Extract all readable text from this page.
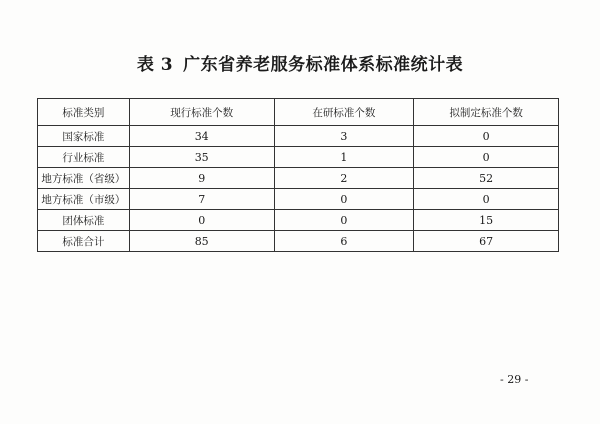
表 3 广东省养老服务标准体系标准统计表
标准类别	现行标准个数	在研标准个数	拟制定标准个数
国家标准	34	3	0
行业标准	35	1	0
地方标准（省级）	9	2	52
地方标准（市级）	7	0	0
团体标准	0	0	15
标准合计	85	6	67
- 29 -
